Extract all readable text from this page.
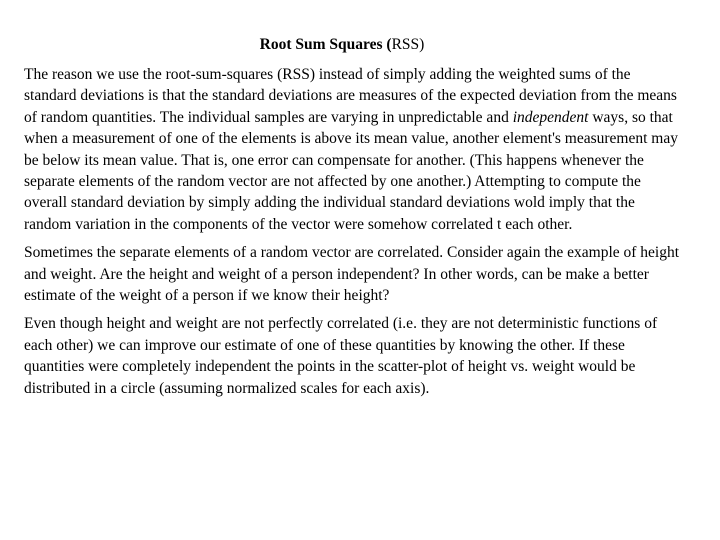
Root Sum Squares (RSS)

The reason we use the root-sum-squares (RSS) instead of simply adding the weighted sums of the standard deviations is that the standard deviations are measures of the expected deviation from the means of random quantities. The individual samples are varying in unpredictable and independent ways, so that when a measurement of one of the elements is above its mean value, another element's measurement may be below its mean value. That is, one error can compensate for another. (This happens whenever the separate elements of the random vector are not affected by one another.) Attempting to compute the overall standard deviation by simply adding the individual standard deviations wold imply that the random variation in the components of the vector were somehow correlated t each other.

Sometimes the separate elements of a random vector are correlated. Consider again the example of height and weight. Are the height and weight of a person independent? In other words, can be make a better estimate of the weight of a person if we know their height?

Even though height and weight are not perfectly correlated (i.e. they are not deterministic functions of each other) we can improve our estimate of one of these quantities by knowing the other. If these quantities were completely independent the points in the scatter-plot of height vs. weight would be distributed in a circle (assuming normalized scales for each axis).
